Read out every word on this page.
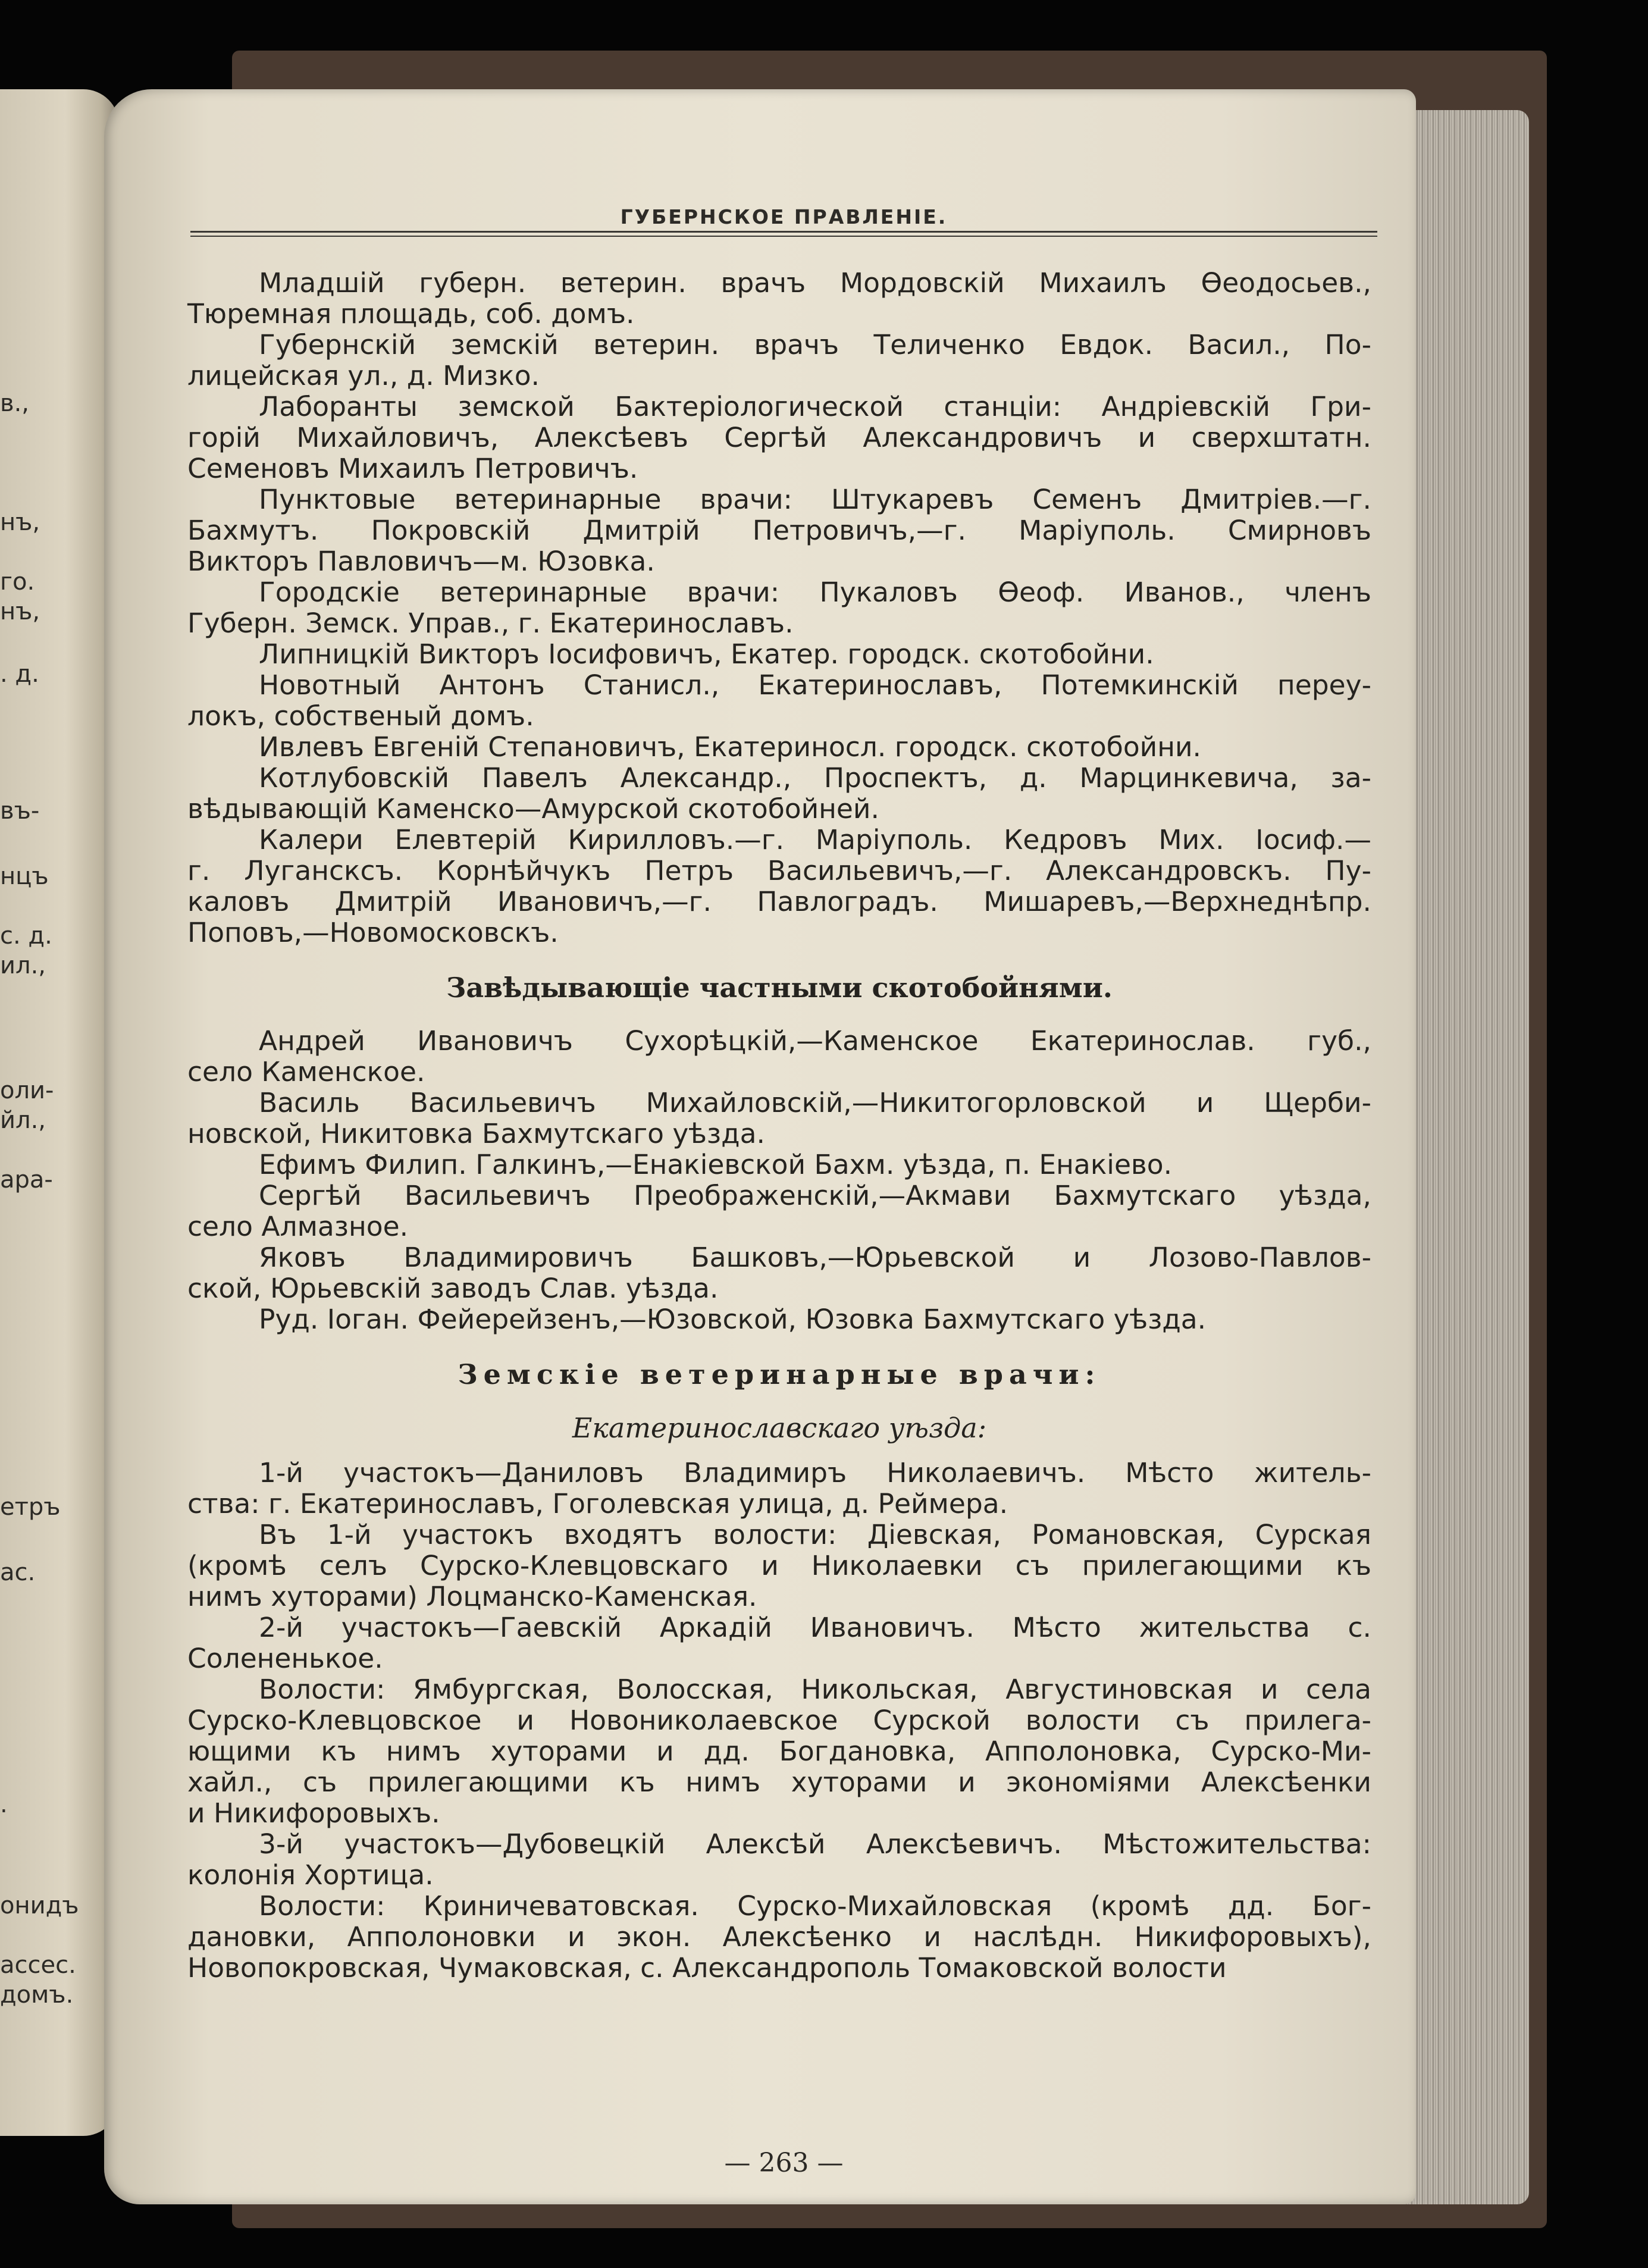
в.,
нъ,
го.
нъ,
. д.
въ-
нцъ
с. д.
ил.,
оли-
йл.,
ара-
етръ
ас.
.
онидъ
ассес.
домъ.
ГУБЕРНСКОЕ ПРАВЛЕНІЕ.
Младшій губерн. ветерин. врачъ Мордовскій Михаилъ Ѳеодосьев.,
Тюремная площадь, соб. домъ.
Губернскій земскій ветерин. врачъ Теличенко Евдок. Васил., По-
лицейская ул., д. Мизко.
Лаборанты земской Бактеріологической станціи: Андріевскій Гри-
горій Михайловичъ, Алексѣевъ Сергѣй Александровичъ и сверхштатн.
Семеновъ Михаилъ Петровичъ.
Пунктовые ветеринарные врачи: Штукаревъ Семенъ Дмитріев.—г.
Бахмутъ. Покровскій Дмитрій Петровичъ,—г. Маріуполь. Смирновъ
Викторъ Павловичъ—м. Юзовка.
Городскіе ветеринарные врачи: Пукаловъ Ѳеоф. Иванов., членъ
Губерн. Земск. Управ., г. Екатеринославъ.
Липницкій Викторъ Іосифовичъ, Екатер. городск. скотобойни.
Новотный Антонъ Станисл., Екатеринославъ, Потемкинскій переу-
локъ, собственый домъ.
Ивлевъ Евгеній Степановичъ, Екатериносл. городск. скотобойни.
Котлубовскій Павелъ Александр., Проспектъ, д. Марцинкевича, за-
вѣдывающій Каменско—Амурской скотобойней.
Калери Елевтерій Кирилловъ.—г. Маріуполь. Кедровъ Мих. Іосиф.—
г. Лугансксъ. Корнѣйчукъ Петръ Васильевичъ,—г. Александровскъ. Пу-
каловъ Дмитрій Ивановичъ,—г. Павлоградъ. Мишаревъ,—Верхнеднѣпр.
Поповъ,—Новомосковскъ.
Завѣдывающіе частными скотобойнями.
Андрей Ивановичъ Сухорѣцкій,—Каменское Екатеринослав. губ.,
село Каменское.
Василь Васильевичъ Михайловскій,—Никитогорловской и Щерби-
новской, Никитовка Бахмутскаго уѣзда.
Ефимъ Филип. Галкинъ,—Енакіевской Бахм. уѣзда, п. Енакіево.
Сергѣй Васильевичъ Преображенскій,—Акмави Бахмутскаго уѣзда,
село Алмазное.
Яковъ Владимировичъ Башковъ,—Юрьевской и Лозово-Павлов-
ской, Юрьевскій заводъ Слав. уѣзда.
Руд. Іоган. Фейерейзенъ,—Юзовской, Юзовка Бахмутскаго уѣзда.
Земскіе ветеринарные врачи:
Екатеринославскаго уѣзда:
1-й участокъ—Даниловъ Владимиръ Николаевичъ. Мѣсто житель-
ства: г. Екатеринославъ, Гоголевская улица, д. Реймера.
Въ 1-й участокъ входятъ волости: Діевская, Романовская, Сурская
(кромѣ селъ Сурско-Клевцовскаго и Николаевки съ прилегающими къ
нимъ хуторами) Лоцманско-Каменская.
2-й участокъ—Гаевскій Аркадій Ивановичъ. Мѣсто жительства с.
Солененькое.
Волости: Ямбургская, Волосская, Никольская, Августиновская и села
Сурско-Клевцовское и Новониколаевское Сурской волости съ прилега-
ющими къ нимъ хуторами и дд. Богдановка, Апполоновка, Сурско-Ми-
хайл., съ прилегающими къ нимъ хуторами и экономіями Алексѣенки
и Никифоровыхъ.
3-й участокъ—Дубовецкій Алексѣй Алексѣевичъ. Мѣстожительства:
колонія Хортица.
Волости: Криничеватовская. Сурско-Михайловская (кромѣ дд. Бог-
дановки, Апполоновки и экон. Алексѣенко и наслѣдн. Никифоровыхъ),
Новопокровская, Чумаковская, с. Александрополь Томаковской волости
— 263 —
